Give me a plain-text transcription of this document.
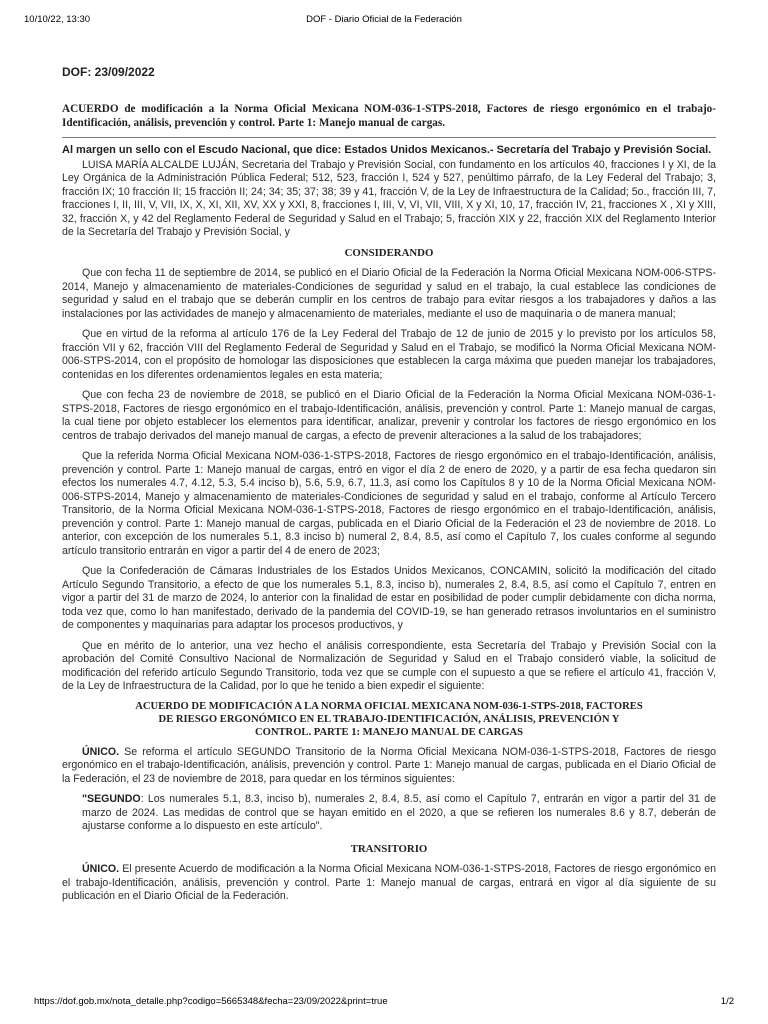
10/10/22, 13:30	DOF - Diario Oficial de la Federación
DOF: 23/09/2022
ACUERDO de modificación a la Norma Oficial Mexicana NOM-036-1-STPS-2018, Factores de riesgo ergonómico en el trabajo-Identificación, análisis, prevención y control. Parte 1: Manejo manual de cargas.
Al margen un sello con el Escudo Nacional, que dice: Estados Unidos Mexicanos.- Secretaría del Trabajo y Previsión Social.

LUISA MARÍA ALCALDE LUJÁN, Secretaria del Trabajo y Previsión Social, con fundamento en los artículos 40, fracciones I y XI, de la Ley Orgánica de la Administración Pública Federal; 512, 523, fracción I, 524 y 527, penúltimo párrafo, de la Ley Federal del Trabajo; 3, fracción IX; 10 fracción II; 15 fracción II; 24; 34; 35; 37; 38; 39 y 41, fracción V, de la Ley de Infraestructura de la Calidad; 5o., fracción III, 7, fracciones I, II, III, V, VII, IX, X, XI, XII, XV, XX y XXI, 8, fracciones I, III, V, VI, VII, VIII, X y XI, 10, 17, fracción IV, 21, fracciones X , XI y XIII, 32, fracción X, y 42 del Reglamento Federal de Seguridad y Salud en el Trabajo; 5, fracción XIX y 22, fracción XIX del Reglamento Interior de la Secretaría del Trabajo y Previsión Social, y

CONSIDERANDO

Que con fecha 11 de septiembre de 2014, se publicó en el Diario Oficial de la Federación la Norma Oficial Mexicana NOM-006-STPS-2014, Manejo y almacenamiento de materiales-Condiciones de seguridad y salud en el trabajo, la cual establece las condiciones de seguridad y salud en el trabajo que se deberán cumplir en los centros de trabajo para evitar riesgos a los trabajadores y daños a las instalaciones por las actividades de manejo y almacenamiento de materiales, mediante el uso de maquinaria o de manera manual;

Que en virtud de la reforma al artículo 176 de la Ley Federal del Trabajo de 12 de junio de 2015 y lo previsto por los artículos 58, fracción VII y 62, fracción VIII del Reglamento Federal de Seguridad y Salud en el Trabajo, se modificó la Norma Oficial Mexicana NOM-006-STPS-2014, con el propósito de homologar las disposiciones que establecen la carga máxima que pueden manejar los trabajadores, contenidas en los diferentes ordenamientos legales en esta materia;

Que con fecha 23 de noviembre de 2018, se publicó en el Diario Oficial de la Federación la Norma Oficial Mexicana NOM-036-1-STPS-2018, Factores de riesgo ergonómico en el trabajo-Identificación, análisis, prevención y control. Parte 1: Manejo manual de cargas, la cual tiene por objeto establecer los elementos para identificar, analizar, prevenir y controlar los factores de riesgo ergonómico en los centros de trabajo derivados del manejo manual de cargas, a efecto de prevenir alteraciones a la salud de los trabajadores;

Que la referida Norma Oficial Mexicana NOM-036-1-STPS-2018, Factores de riesgo ergonómico en el trabajo-Identificación, análisis, prevención y control. Parte 1: Manejo manual de cargas, entró en vigor el día 2 de enero de 2020, y a partir de esa fecha quedaron sin efectos los numerales 4.7, 4.12, 5.3, 5.4 inciso b), 5.6, 5.9, 6.7, 11.3, así como los Capítulos 8 y 10 de la Norma Oficial Mexicana NOM-006-STPS-2014, Manejo y almacenamiento de materiales-Condiciones de seguridad y salud en el trabajo, conforme al Artículo Tercero Transitorio, de la Norma Oficial Mexicana NOM-036-1-STPS-2018, Factores de riesgo ergonómico en el trabajo-Identificación, análisis, prevención y control. Parte 1: Manejo manual de cargas, publicada en el Diario Oficial de la Federación el 23 de noviembre de 2018. Lo anterior, con excepción de los numerales 5.1, 8.3 inciso b) numeral 2, 8.4, 8.5, así como el Capítulo 7, los cuales conforme al segundo artículo transitorio entrarán en vigor a partir del 4 de enero de 2023;

Que la Confederación de Cámaras Industriales de los Estados Unidos Mexicanos, CONCAMIN, solicitó la modificación del citado Artículo Segundo Transitorio, a efecto de que los numerales 5.1, 8.3, inciso b), numerales 2, 8.4, 8.5, así como el Capítulo 7, entren en vigor a partir del 31 de marzo de 2024, lo anterior con la finalidad de estar en posibilidad de poder cumplir debidamente con dicha norma, toda vez que, como lo han manifestado, derivado de la pandemia del COVID-19, se han generado retrasos involuntarios en el suministro de componentes y maquinarias para adaptar los procesos productivos, y

Que en mérito de lo anterior, una vez hecho el análisis correspondiente, esta Secretaría del Trabajo y Previsión Social con la aprobación del Comité Consultivo Nacional de Normalización de Seguridad y Salud en el Trabajo consideró viable, la solicitud de modificación del referido artículo Segundo Transitorio, toda vez que se cumple con el supuesto a que se refiere el artículo 41, fracción V, de la Ley de Infraestructura de la Calidad, por lo que he tenido a bien expedir el siguiente:

ACUERDO DE MODIFICACIÓN A LA NORMA OFICIAL MEXICANA NOM-036-1-STPS-2018, FACTORES
DE RIESGO ERGONÓMICO EN EL TRABAJO-IDENTIFICACIÓN, ANÁLISIS, PREVENCIÓN Y
CONTROL. PARTE 1: MANEJO MANUAL DE CARGAS

ÚNICO. Se reforma el artículo SEGUNDO Transitorio de la Norma Oficial Mexicana NOM-036-1-STPS-2018, Factores de riesgo ergonómico en el trabajo-Identificación, análisis, prevención y control. Parte 1: Manejo manual de cargas, publicada en el Diario Oficial de la Federación, el 23 de noviembre de 2018, para quedar en los términos siguientes:

"SEGUNDO: Los numerales 5.1, 8.3, inciso b), numerales 2, 8.4, 8.5, así como el Capítulo 7, entrarán en vigor a partir del 31 de marzo de 2024. Las medidas de control que se hayan emitido en el 2020, a que se refieren los numerales 8.6 y 8.7, deberán de ajustarse conforme a lo dispuesto en este artículo".

TRANSITORIO

ÚNICO. El presente Acuerdo de modificación a la Norma Oficial Mexicana NOM-036-1-STPS-2018, Factores de riesgo ergonómico en el trabajo-Identificación, análisis, prevención y control. Parte 1: Manejo manual de cargas, entrará en vigor al día siguiente de su publicación en el Diario Oficial de la Federación.

https://dof.gob.mx/nota_detalle.php?codigo=5665348&fecha=23/09/2022&print=true	1/2
